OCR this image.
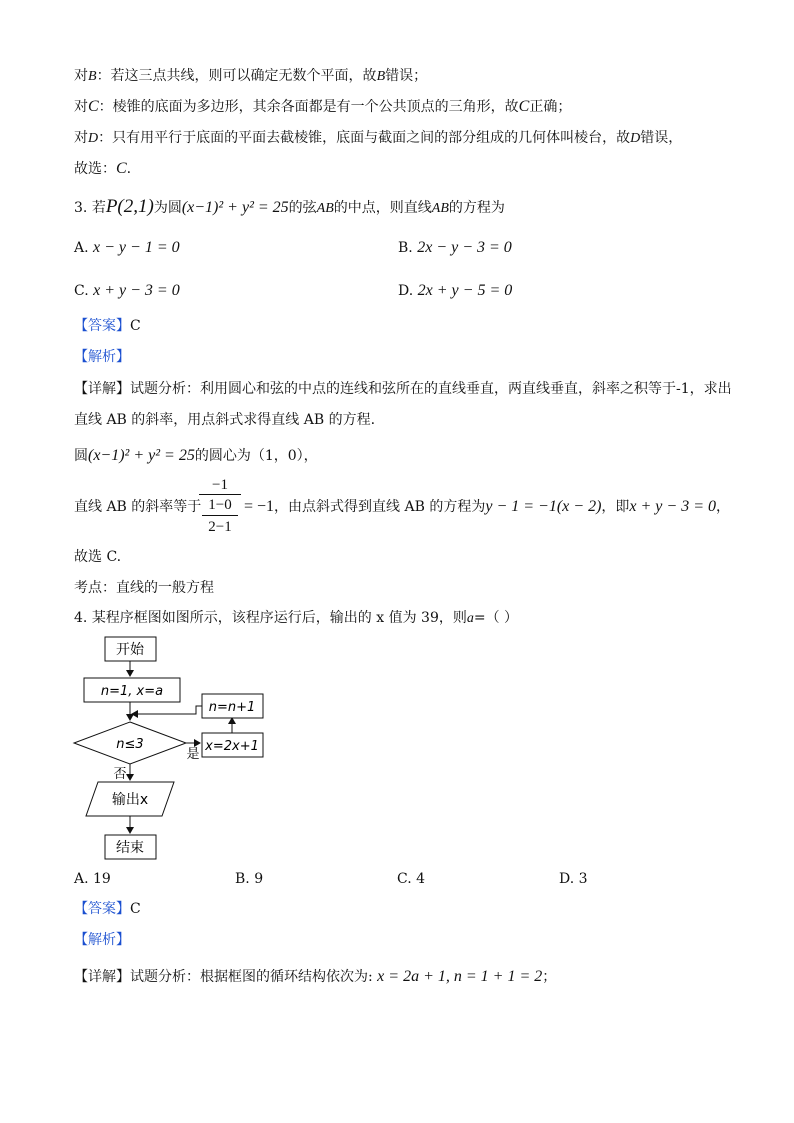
对B：若这三点共线，则可以确定无数个平面，故B错误；
对C：棱锥的底面为多边形，其余各面都是有一个公共顶点的三角形，故C正确；
对D：只有用平行于底面的平面去截棱锥，底面与截面之间的部分组成的几何体叫棱台，故D错误，
故选：C.
3. 若P(2,1)为圆(x−1)² + y² = 25的弦AB的中点，则直线AB的方程为
A. x − y − 1 = 0	B. 2x − y − 3 = 0
C. x + y − 3 = 0	D. 2x + y − 5 = 0
【答案】C
【解析】
【详解】试题分析：利用圆心和弦的中点的连线和弦所在的直线垂直，两直线垂直，斜率之积等于-1，求出
直线 AB 的斜率，用点斜式求得直线 AB 的方程.
圆(x−1)² + y² = 25的圆心为（1，0），
直线 AB 的斜率等于
−1
1−0
2−1
= −1，由点斜式得到直线 AB 的方程为y − 1 = −1(x − 2)，即x + y − 3 = 0，
故选 C.
考点：直线的一般方程
4. 某程序框图如图所示，该程序运行后，输出的 x 值为 39，则a=（ ）
开始
n=1, x=a
n≤3
是
x=2x+1
n=n+1
否
输出x
结束
A. 19	B. 9	C. 4	D. 3
【答案】C
【解析】
【详解】试题分析：根据框图的循环结构依次为: x = 2a + 1, n = 1 + 1 = 2；
